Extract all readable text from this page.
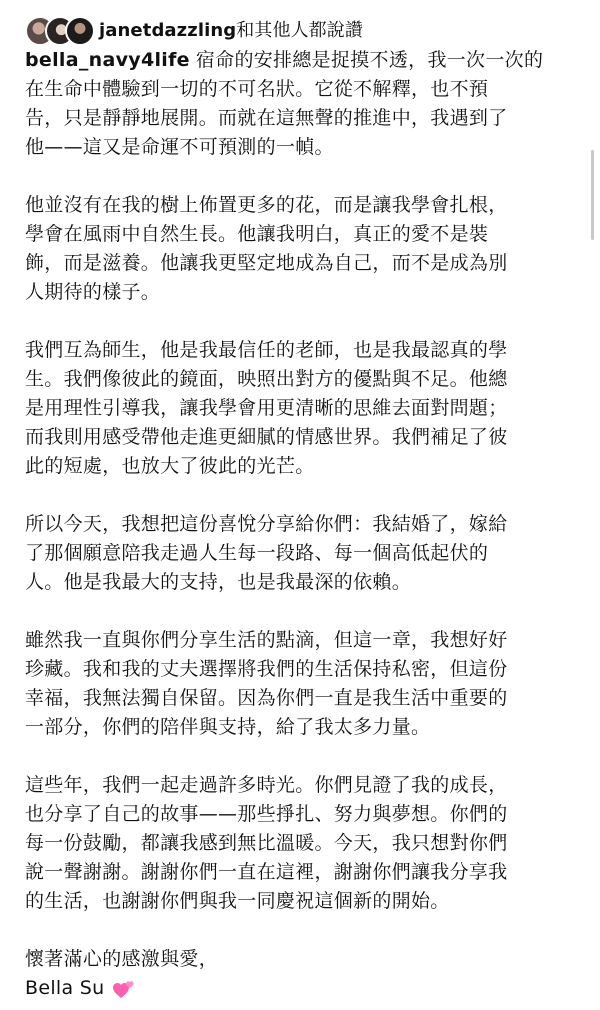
janetdazzling和其他人都說讚

bella_navy4life 宿命的安排總是捉摸不透，我一次一次的
在生命中體驗到一切的不可名狀。它從不解釋，也不預
告，只是靜靜地展開。而就在這無聲的推進中，我遇到了
他——這又是命運不可預測的一幀。

他並沒有在我的樹上佈置更多的花，而是讓我學會扎根，
學會在風雨中自然生長。他讓我明白，真正的愛不是裝
飾，而是滋養。他讓我更堅定地成為自己，而不是成為別
人期待的樣子。

我們互為師生，他是我最信任的老師，也是我最認真的學
生。我們像彼此的鏡面，映照出對方的優點與不足。他總
是用理性引導我，讓我學會用更清晰的思維去面對問題；
而我則用感受帶他走進更細膩的情感世界。我們補足了彼
此的短處，也放大了彼此的光芒。

所以今天，我想把這份喜悅分享給你們：我結婚了，嫁給
了那個願意陪我走過人生每一段路、每一個高低起伏的
人。他是我最大的支持，也是我最深的依賴。

雖然我一直與你們分享生活的點滴，但這一章，我想好好
珍藏。我和我的丈夫選擇將我們的生活保持私密，但這份
幸福，我無法獨自保留。因為你們一直是我生活中重要的
一部分，你們的陪伴與支持，給了我太多力量。

這些年，我們一起走過許多時光。你們見證了我的成長，
也分享了自己的故事——那些掙扎、努力與夢想。你們的
每一份鼓勵，都讓我感到無比溫暖。今天，我只想對你們
說一聲謝謝。謝謝你們一直在這裡，謝謝你們讓我分享我
的生活，也謝謝你們與我一同慶祝這個新的開始。

懷著滿心的感激與愛，

Bella Su
